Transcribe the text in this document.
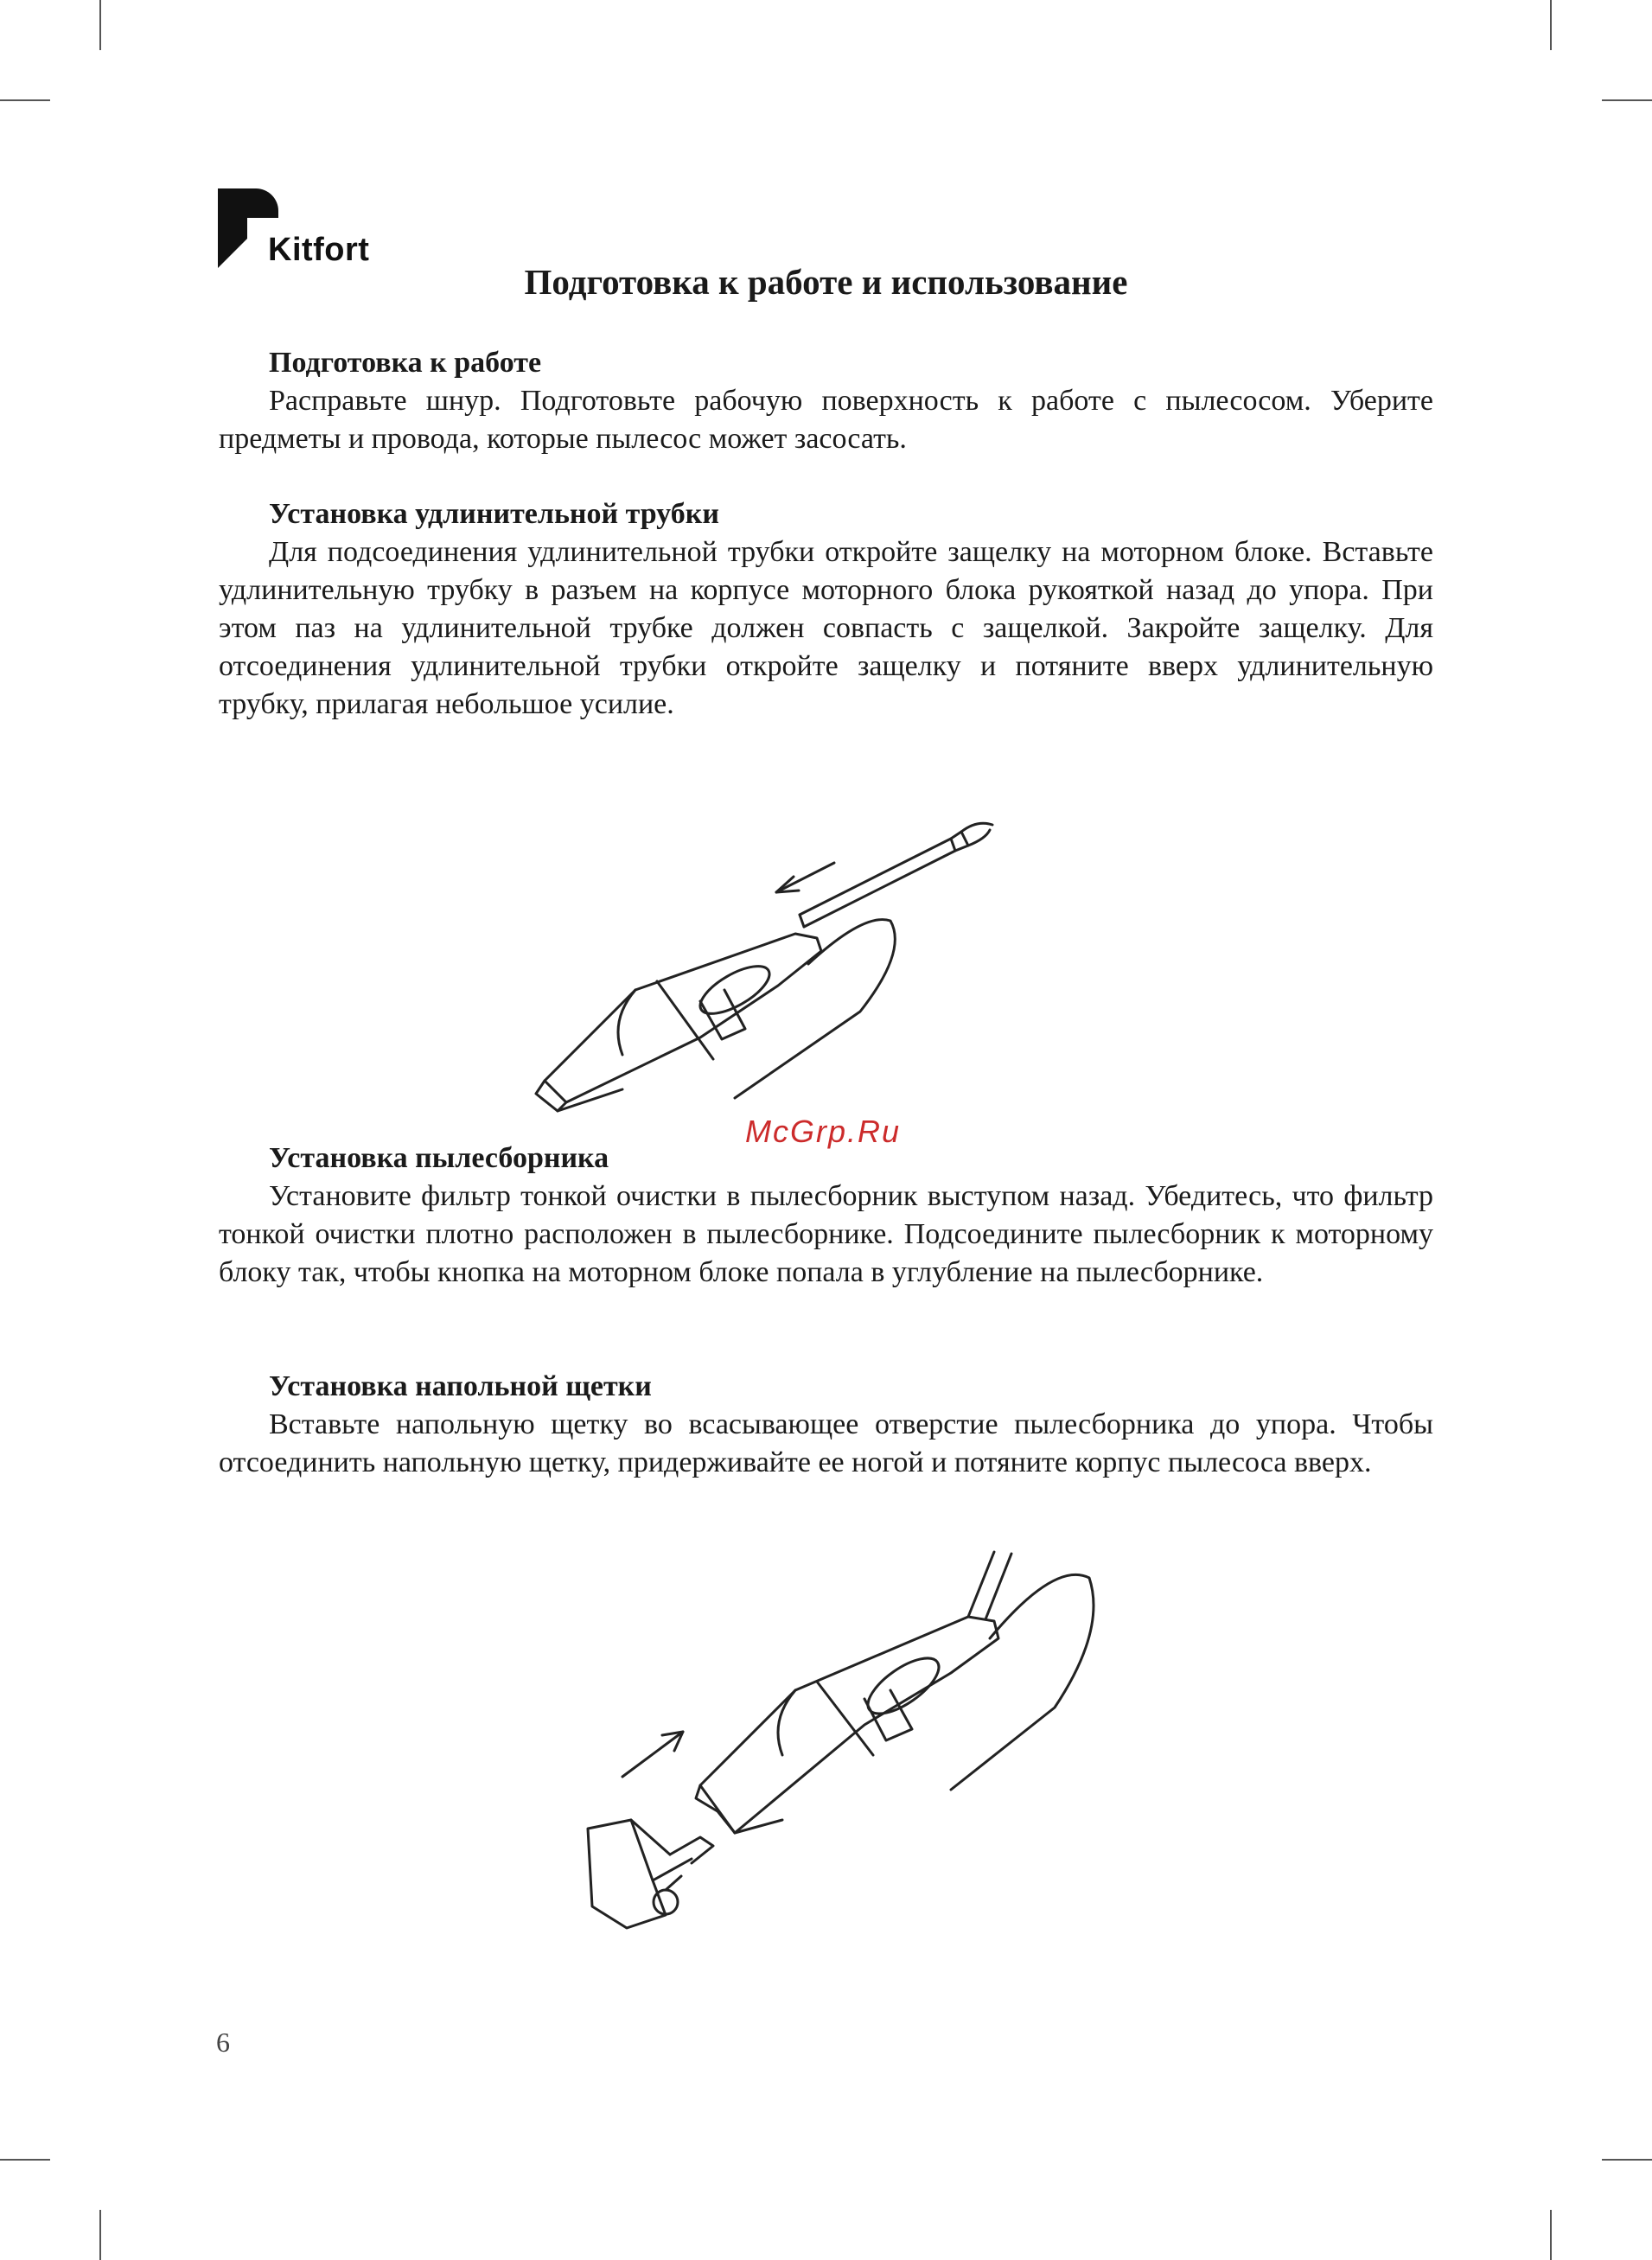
Kitfort
Подготовка к работе и использование
Подготовка к работе

Расправьте шнур. Подготовьте рабочую поверхность к работе с пылесосом. Уберите предметы и провода, которые пылесос может засосать.

Установка удлинительной трубки

Для подсоединения удлинительной трубки откройте защелку на моторном блоке. Вставьте удлинительную трубку в разъем на корпусе моторного блока рукояткой назад до упора. При этом паз на удлинительной трубке должен совпасть с защелкой. Закройте защелку. Для отсоединения удлинительной трубки откройте защелку и потяните вверх удлинительную трубку, прилагая небольшое усилие.

McGrp.Ru
Установка пылесборника

Установите фильтр тонкой очистки в пылесборник выступом назад. Убедитесь, что фильтр тонкой очистки плотно расположен в пылесборнике. Подсоедините пылесборник к моторному блоку так, чтобы кнопка на моторном блоке попала в углубление на пылесборнике.

Установка напольной щетки

Вставьте напольную щетку во всасывающее отверстие пылесборника до упора. Чтобы отсоединить напольную щетку, придерживайте ее ногой и потяните корпус пылесоса вверх.

6
